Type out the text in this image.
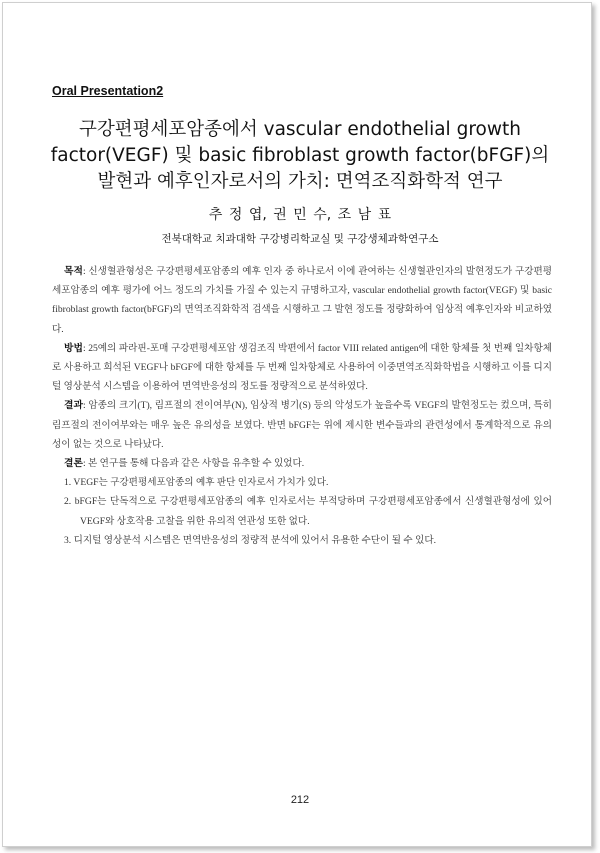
Oral Presentation2
구강편평세포암종에서 vascular endothelial growth
factor(VEGF) 및 basic fibroblast growth factor(bFGF)의
발현과 예후인자로서의 가치: 면역조직화학적 연구
추 정 엽, 권 민 수, 조 남 표
전북대학교 치과대학 구강병리학교실 및 구강생체과학연구소

목적: 신생혈관형성은 구강편평세포암종의 예후 인자 중 하나로서 이에 관여하는 신생혈관인자의 발현정도가 구강편평세포암종의 예후 평가에 어느 정도의 가치를 가질 수 있는지 규명하고자, vascular endothelial growth factor(VEGF) 및 basic fibroblast growth factor(bFGF)의 면역조직화학적 검색을 시행하고 그 발현 정도를 정량화하여 임상적 예후인자와 비교하였다.

방법: 25예의 파라핀-포매 구강편평세포암 생검조직 박편에서 factor VIII related antigen에 대한 항체를 첫 번째 일차항체로 사용하고 희석된 VEGF나 bFGF에 대한 항체를 두 번째 일차항체로 사용하여 이중면역조직화학법을 시행하고 이를 디지털 영상분석 시스템을 이용하여 면역반응성의 정도를 정량적으로 분석하였다.

결과: 암종의 크기(T), 림프절의 전이여부(N), 임상적 병기(S) 등의 악성도가 높을수록 VEGF의 발현정도는 컸으며, 특히 림프절의 전이여부와는 매우 높은 유의성을 보였다. 반면 bFGF는 위에 제시한 변수들과의 관련성에서 통계학적으로 유의성이 없는 것으로 나타났다.

결론: 본 연구를 통해 다음과 같은 사항을 유추할 수 있었다.

1. VEGF는 구강편평세포암종의 예후 판단 인자로서 가치가 있다.
2. bFGF는 단독적으로 구강편평세포암종의 예후 인자로서는 부적당하며 구강편평세포암종에서 신생혈관형성에 있어 VEGF와 상호작용 고찰을 위한 유의적 연관성 또한 없다.
3. 디지털 영상분석 시스템은 면역반응성의 정량적 분석에 있어서 유용한 수단이 될 수 있다.
212
